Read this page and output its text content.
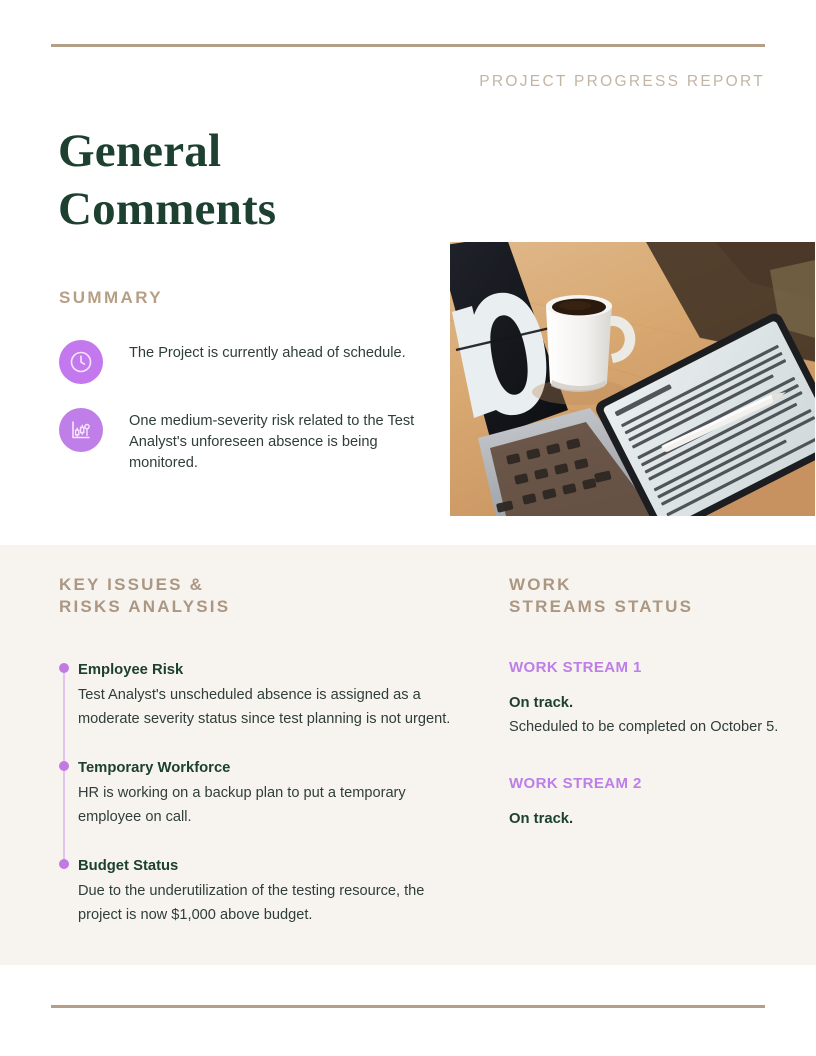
PROJECT PROGRESS REPORT
General Comments
SUMMARY
The Project is currently ahead of schedule.
One medium-severity risk related to the Test Analyst's unforeseen absence is being monitored.
KEY ISSUES &
RISKS ANALYSIS
Employee Risk
Test Analyst's unscheduled absence is assigned as a moderate severity status since test planning is not urgent.
Temporary Workforce
HR is working on a backup plan to put a temporary employee on call.
Budget Status
Due to the underutilization of the testing resource, the project is now $1,000 above budget.
WORK
STREAMS STATUS
WORK STREAM 1
On track.
Scheduled to be completed on October 5.
WORK STREAM 2
On track.
